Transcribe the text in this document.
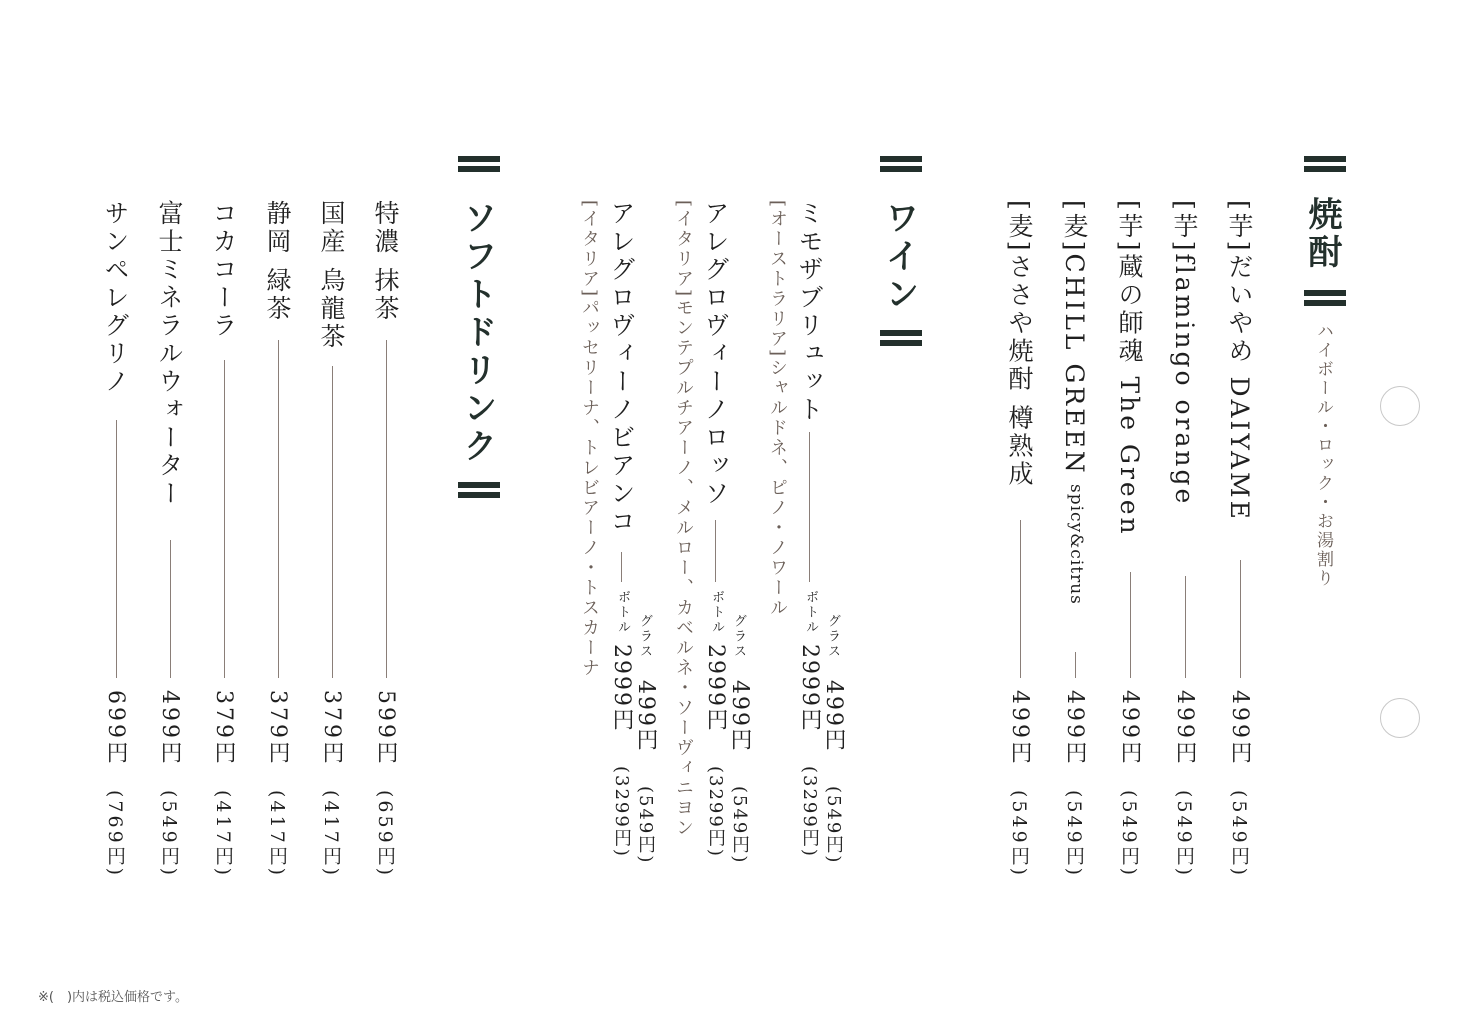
焼酎
ハイボール・ロック・お湯割り
[芋]だいやめ DAIYAME
499円
(549円)
[芋]flamingo orange
499円
(549円)
[芋]蔵の師魂 The Green
499円
(549円)
[麦]CHILL GREEN
spicy&citrus
499円
(549円)
[麦]ささや焼酎 樽熟成
499円
(549円)
ワイン
ミモザブリュット
グラス
499円
(549円)
ボトル
2999円
(3299円)
[オーストラリア]シャルドネ、ピノ・ノワール
アレグロヴィーノロッソ
グラス
499円
(549円)
ボトル
2999円
(3299円)
[イタリア]モンテプルチアーノ、メルロー、カベルネ・ソーヴィニヨン
アレグロヴィーノビアンコ
グラス
499円
(549円)
ボトル
2999円
(3299円)
[イタリア]パッセリーナ、トレビアーノ・トスカーナ
ソフトドリンク
特濃 抹茶
599円
(659円)
国産 烏龍茶
379円
(417円)
静岡 緑茶
379円
(417円)
コカコーラ
379円
(417円)
富士ミネラルウォーター
499円
(549円)
サンペレグリノ
699円
(769円)
※(　)内は税込価格です。
